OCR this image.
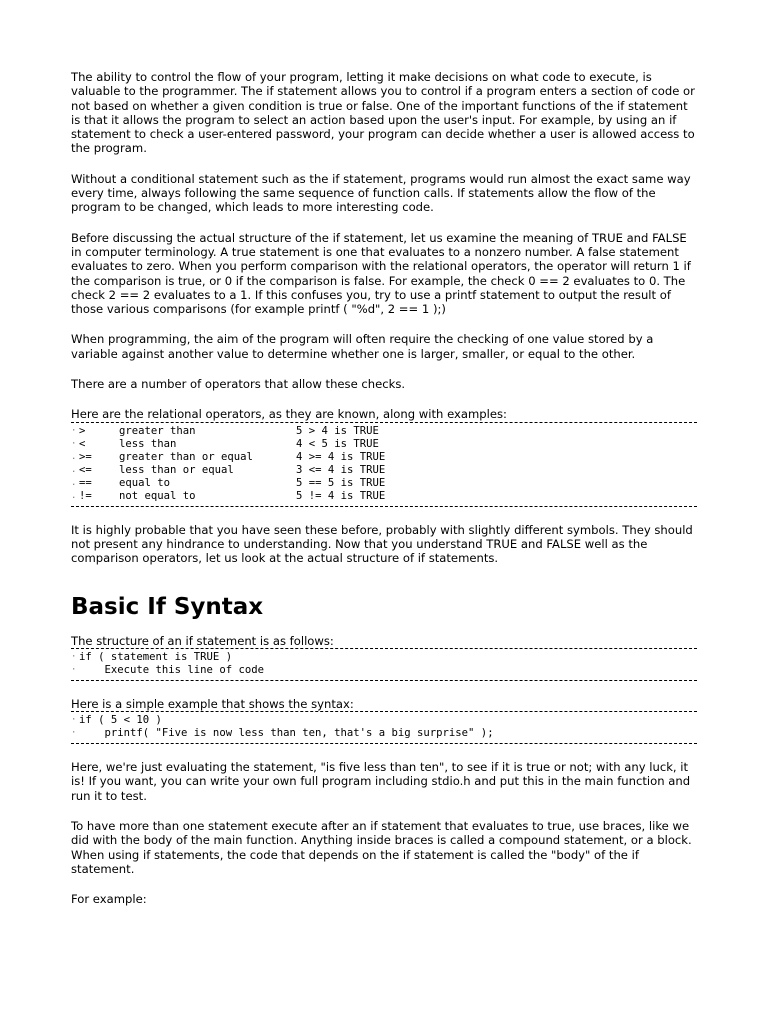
The ability to control the flow of your program, letting it make decisions on what code to execute, is valuable to the programmer. The if statement allows you to control if a program enters a section of code or not based on whether a given condition is true or false. One of the important functions of the if statement is that it allows the program to select an action based upon the user's input. For example, by using an if statement to check a user-entered password, your program can decide whether a user is allowed access to the program.

Without a conditional statement such as the if statement, programs would run almost the exact same way every time, always following the same sequence of function calls. If statements allow the flow of the program to be changed, which leads to more interesting code.

Before discussing the actual structure of the if statement, let us examine the meaning of TRUE and FALSE in computer terminology. A true statement is one that evaluates to a nonzero number. A false statement evaluates to zero. When you perform comparison with the relational operators, the operator will return 1 if the comparison is true, or 0 if the comparison is false. For example, the check 0 == 2 evaluates to 0. The check 2 == 2 evaluates to a 1. If this confuses you, try to use a printf statement to output the result of those various comparisons (for example printf ( "%d", 2 == 1 );)

When programming, the aim of the program will often require the checking of one value stored by a variable against another value to determine whether one is larger, smaller, or equal to the other.

There are a number of operators that allow these checks.

Here are the relational operators, as they are known, along with examples:

· >	greater than	5 > 4 is TRUE
· <	less than	4 < 5 is TRUE
. >=	greater than or equal	4 >= 4 is TRUE
. <=	less than or equal	3 <= 4 is TRUE
. ==	equal to	5 == 5 is TRUE
. !=	not equal to	5 != 4 is TRUE

It is highly probable that you have seen these before, probably with slightly different symbols. They should not present any hindrance to understanding. Now that you understand TRUE and FALSE well as the comparison operators, let us look at the actual structure of if statements.

Basic If Syntax

The structure of an if statement is as follows:

· if ( statement is TRUE )
· Execute this line of code

Here is a simple example that shows the syntax:

· if ( 5 < 10 )
· printf( "Five is now less than ten, that's a big surprise" );

Here, we're just evaluating the statement, "is five less than ten", to see if it is true or not; with any luck, it is! If you want, you can write your own full program including stdio.h and put this in the main function and run it to test.

To have more than one statement execute after an if statement that evaluates to true, use braces, like we did with the body of the main function. Anything inside braces is called a compound statement, or a block. When using if statements, the code that depends on the if statement is called the "body" of the if statement.

For example:
